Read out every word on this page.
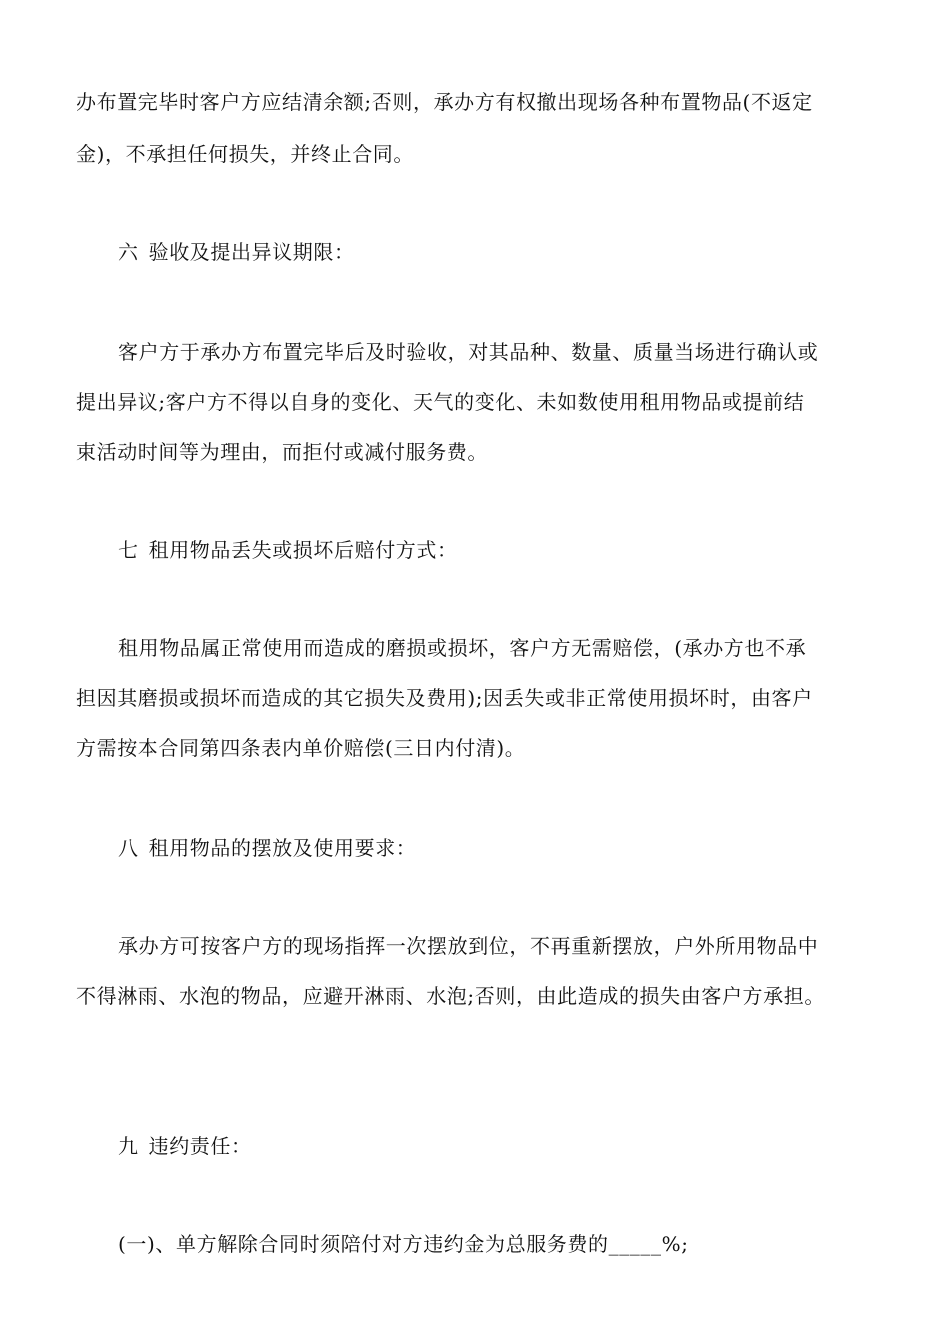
办布置完毕时客户方应结清余额;否则，承办方有权撤出现场各种布置物品(不返定
金)，不承担任何损失，并终止合同。
六 验收及提出异议期限：
客户方于承办方布置完毕后及时验收，对其品种、数量、质量当场进行确认或
提出异议;客户方不得以自身的变化、天气的变化、未如数使用租用物品或提前结
束活动时间等为理由，而拒付或减付服务费。
七 租用物品丢失或损坏后赔付方式：
租用物品属正常使用而造成的磨损或损坏，客户方无需赔偿，(承办方也不承
担因其磨损或损坏而造成的其它损失及费用);因丢失或非正常使用损坏时，由客户
方需按本合同第四条表内单价赔偿(三日内付清)。
八 租用物品的摆放及使用要求：
承办方可按客户方的现场指挥一次摆放到位，不再重新摆放，户外所用物品中
不得淋雨、水泡的物品，应避开淋雨、水泡;否则，由此造成的损失由客户方承担。
九 违约责任：
(一)、单方解除合同时须陪付对方违约金为总服务费的_____%;
